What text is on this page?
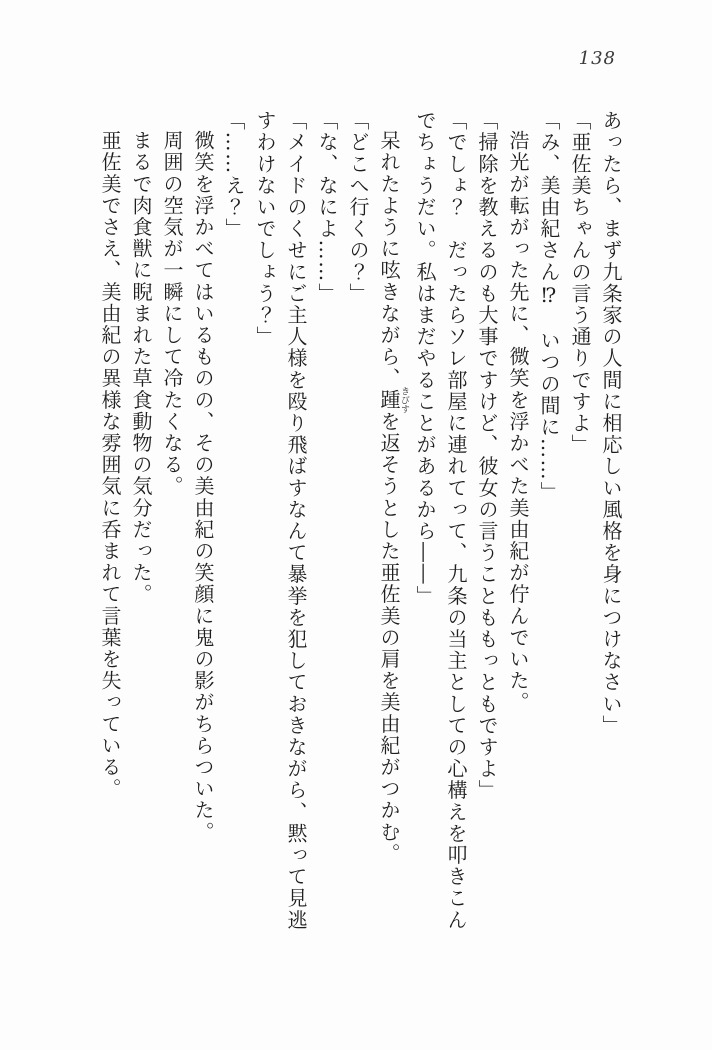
138

あったら、まず九条家の人間に相応しい風格を身につけなさい」

「亜佐美ちゃんの言う通りですよ」

「み、美由紀さん⁉　いつの間に……」

浩光が転がった先に、微笑を浮かべた美由紀が佇んでいた。

「掃除を教えるのも大事ですけど、彼女の言うことももっともですよ」

「でしょ？　だったらソレ部屋に連れてって、九条の当主としての心構えを叩きこんでちょうだい。私はまだやることがあるから――」

呆れたように呟きながら、踵きびすを返そうとした亜佐美の肩を美由紀がつかむ。

「どこへ行くの？」

「な、なによ……」

「メイドのくせにご主人様を殴り飛ばすなんて暴挙を犯しておきながら、黙って見逃すわけないでしょう？」

「……え？」

微笑を浮かべてはいるものの、その美由紀の笑顔に鬼の影がちらついた。

周囲の空気が一瞬にして冷たくなる。

まるで肉食獣に睨まれた草食動物の気分だった。

亜佐美でさえ、美由紀の異様な雰囲気に呑まれて言葉を失っている。
